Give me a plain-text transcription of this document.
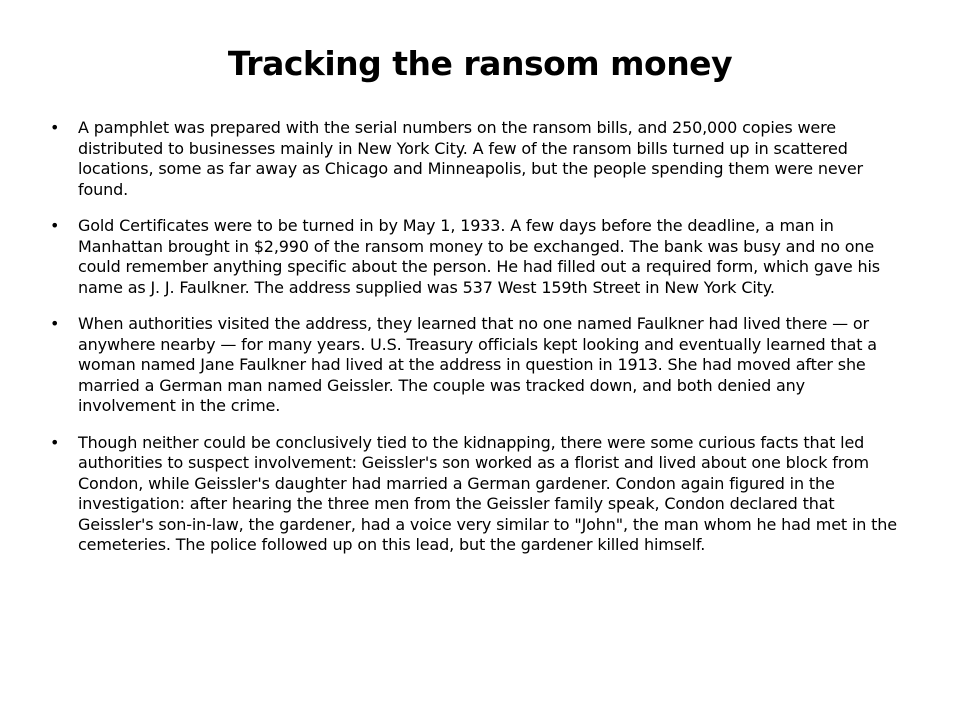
Tracking the ransom money
• A pamphlet was prepared with the serial numbers on the ransom bills, and 250,000 copies were distributed to businesses mainly in New York City. A few of the ransom bills turned up in scattered locations, some as far away as Chicago and Minneapolis, but the people spending them were never found.
• Gold Certificates were to be turned in by May 1, 1933. A few days before the deadline, a man in Manhattan brought in $2,990 of the ransom money to be exchanged. The bank was busy and no one could remember anything specific about the person. He had filled out a required form, which gave his name as J. J. Faulkner. The address supplied was 537 West 159th Street in New York City.
• When authorities visited the address, they learned that no one named Faulkner had lived there — or anywhere nearby — for many years. U.S. Treasury officials kept looking and eventually learned that a woman named Jane Faulkner had lived at the address in question in 1913. She had moved after she married a German man named Geissler. The couple was tracked down, and both denied any involvement in the crime.
• Though neither could be conclusively tied to the kidnapping, there were some curious facts that led authorities to suspect involvement: Geissler's son worked as a florist and lived about one block from Condon, while Geissler's daughter had married a German gardener. Condon again figured in the investigation: after hearing the three men from the Geissler family speak, Condon declared that Geissler's son-in-law, the gardener, had a voice very similar to "John", the man whom he had met in the cemeteries. The police followed up on this lead, but the gardener killed himself.
